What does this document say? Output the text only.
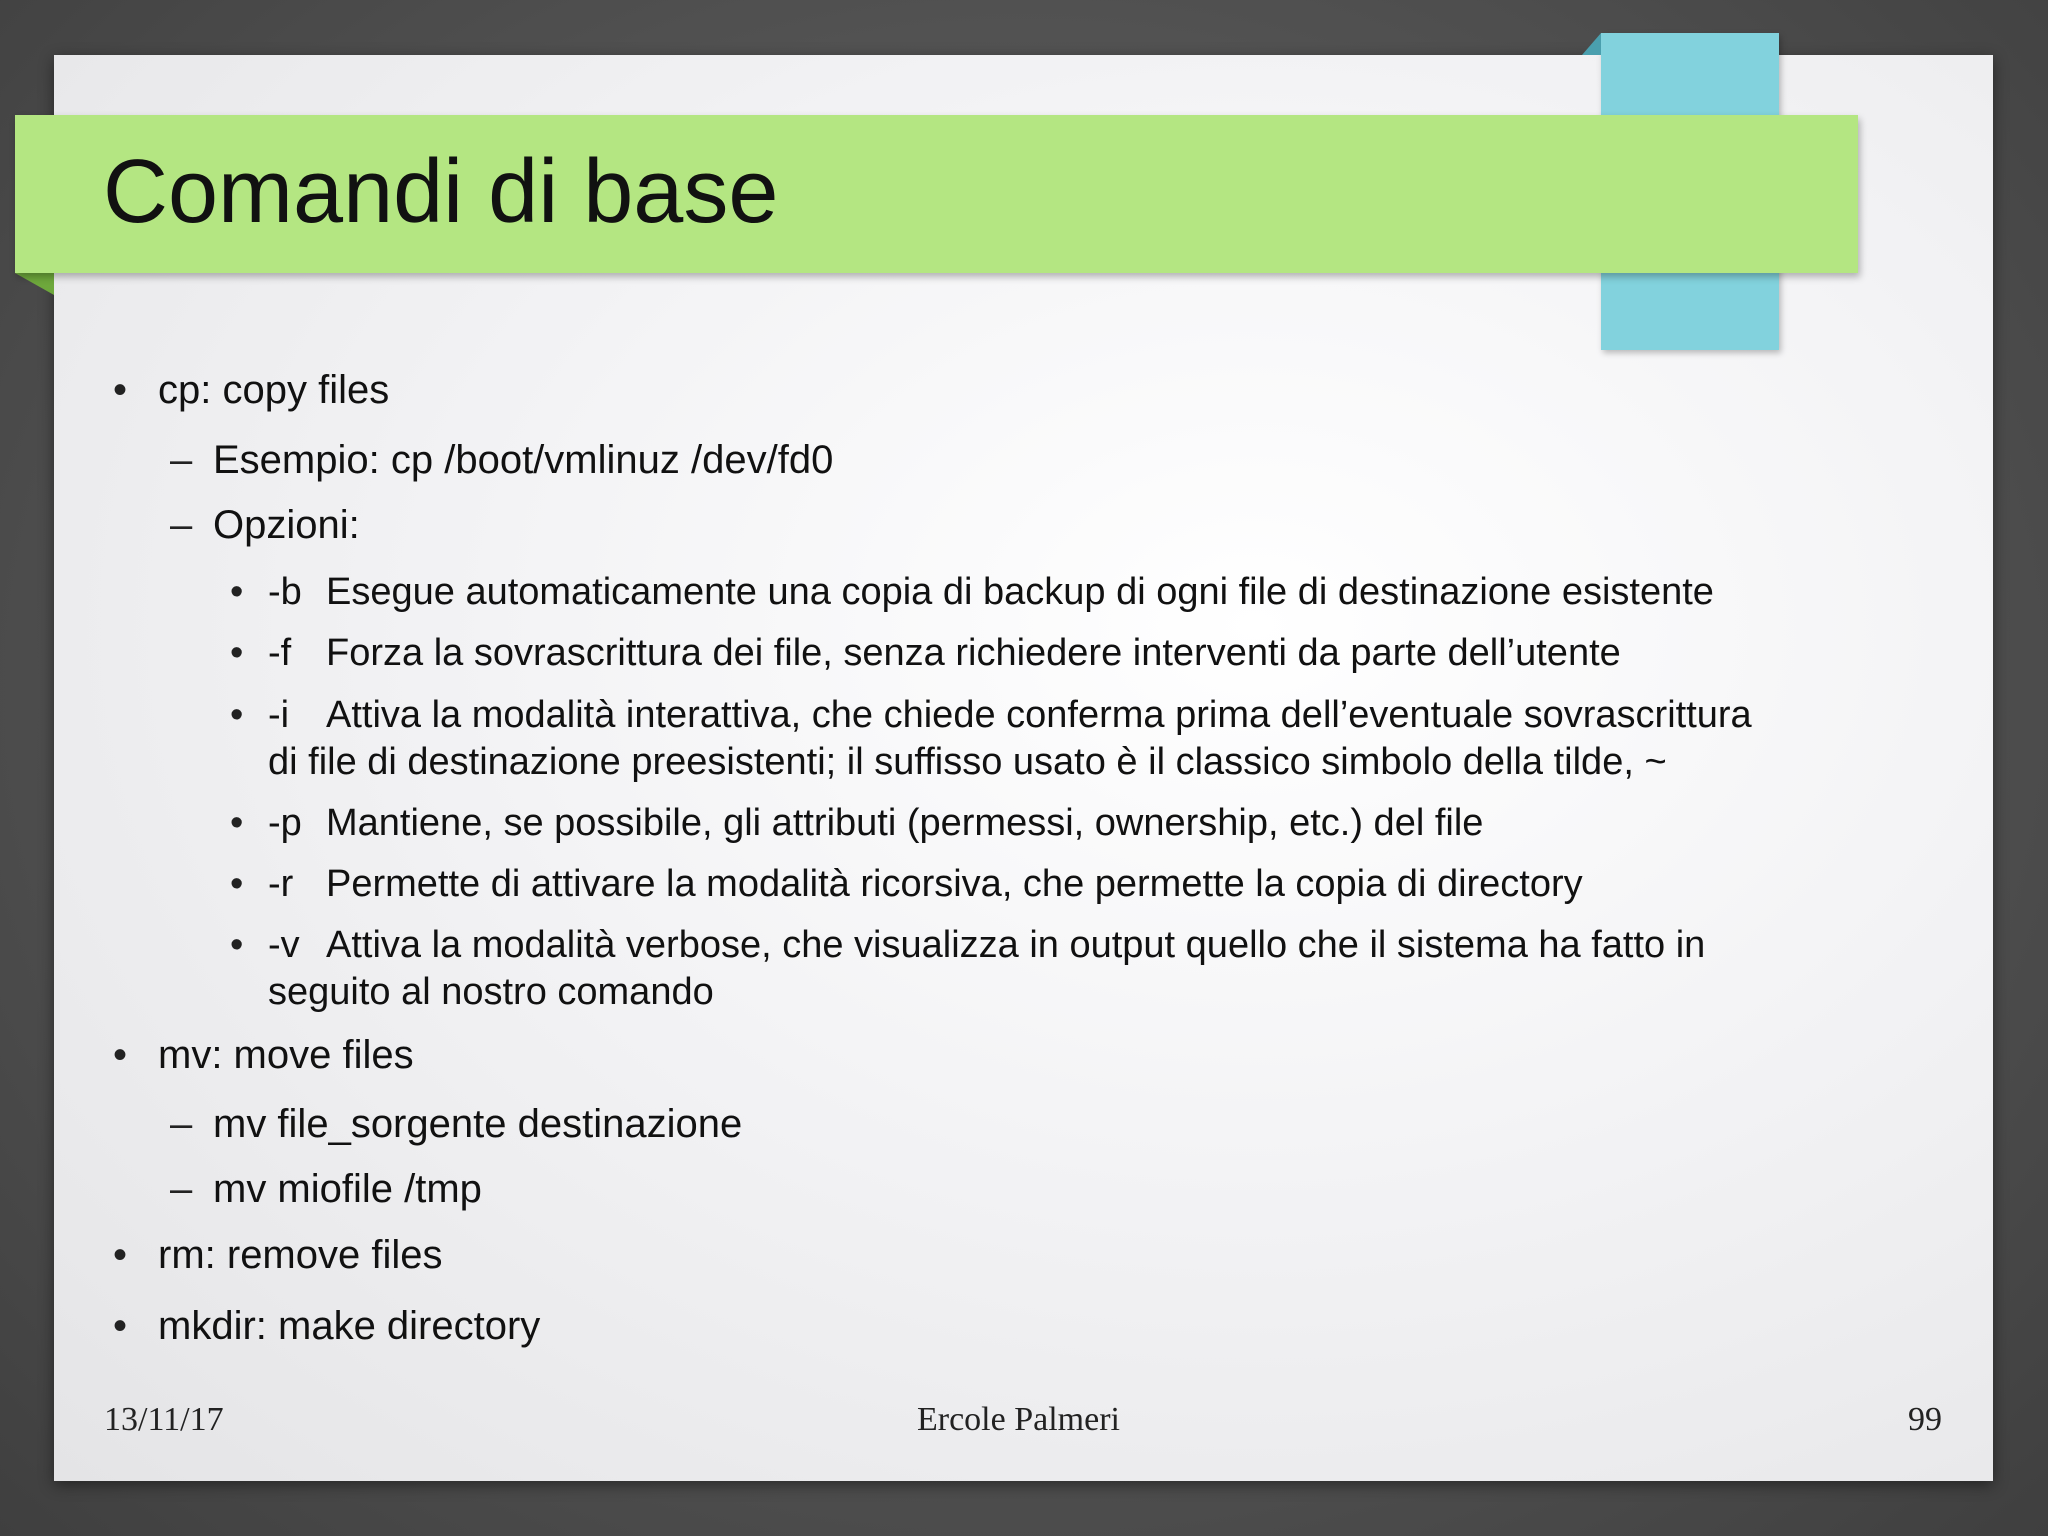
Comandi di base
• cp: copy files
– Esempio: cp /boot/vmlinuz /dev/fd0
– Opzioni:
• -b Esegue automaticamente una copia di backup di ogni file di destinazione esistente
• -f Forza la sovrascrittura dei file, senza richiedere interventi da parte dell’utente
• -i Attiva la modalità interattiva, che chiede conferma prima dell’eventuale sovrascrittura
di file di destinazione preesistenti; il suffisso usato è il classico simbolo della tilde, ~
• -p Mantiene, se possibile, gli attributi (permessi, ownership, etc.) del file
• -r Permette di attivare la modalità ricorsiva, che permette la copia di directory
• -v Attiva la modalità verbose, che visualizza in output quello che il sistema ha fatto in
seguito al nostro comando
• mv: move files
– mv file_sorgente destinazione
– mv miofile /tmp
• rm: remove files
• mkdir: make directory
13/11/17	Ercole Palmeri	99
